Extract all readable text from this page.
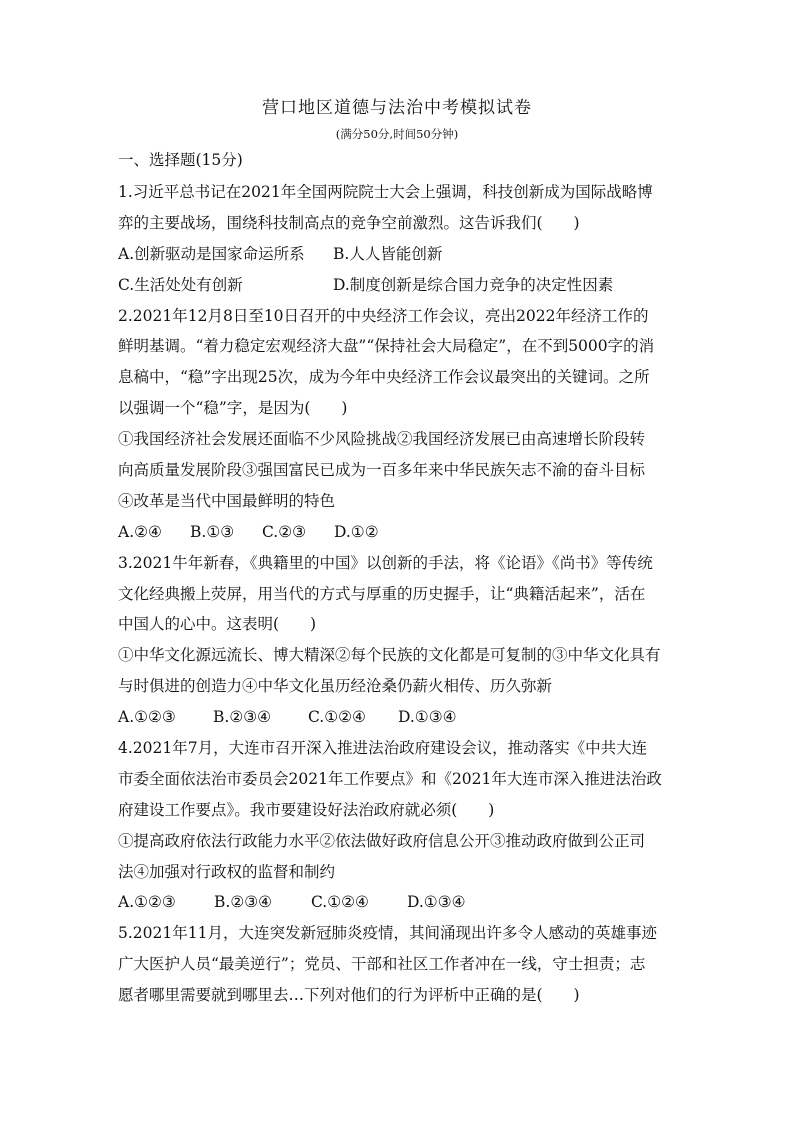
营口地区道德与法治中考模拟试卷
(满分50分,时间50分钟)
一、选择题(15分)
1.习近平总书记在2021年全国两院院士大会上强调，科技创新成为国际战略博
弈的主要战场，围绕科技制高点的竞争空前激烈。这告诉我们(　　)
A.创新驱动是国家命运所系	B.人人皆能创新
C.生活处处有创新	D.制度创新是综合国力竞争的决定性因素
2.2021年12月8日至10日召开的中央经济工作会议，亮出2022年经济工作的
鲜明基调。“着力稳定宏观经济大盘”“保持社会大局稳定”，在不到5000字的消
息稿中，“稳”字出现25次，成为今年中央经济工作会议最突出的关键词。之所
以强调一个“稳”字，是因为(　　)
①我国经济社会发展还面临不少风险挑战②我国经济发展已由高速增长阶段转
向高质量发展阶段③强国富民已成为一百多年来中华民族矢志不渝的奋斗目标
④改革是当代中国最鲜明的特色
A.②④	B.①③	C.②③	D.①②
3.2021牛年新春，《典籍里的中国》以创新的手法，将《论语》《尚书》等传统
文化经典搬上荧屏，用当代的方式与厚重的历史握手，让“典籍活起来”，活在
中国人的心中。这表明(　　)
①中华文化源远流长、博大精深②每个民族的文化都是可复制的③中华文化具有
与时俱进的创造力④中华文化虽历经沧桑仍薪火相传、历久弥新
A.①②③	B.②③④	C.①②④	D.①③④
4.2021年7月，大连市召开深入推进法治政府建设会议，推动落实《中共大连
市委全面依法治市委员会2021年工作要点》和《2021年大连市深入推进法治政
府建设工作要点》。我市要建设好法治政府就必须(　　)
①提高政府依法行政能力水平②依法做好政府信息公开③推动政府做到公正司
法④加强对行政权的监督和制约
A.①②③	B.②③④	C.①②④	D.①③④
5.2021年11月，大连突发新冠肺炎疫情，其间涌现出许多令人感动的英雄事迹
广大医护人员“最美逆行”；党员、干部和社区工作者冲在一线，守士担责；志
愿者哪里需要就到哪里去…下列对他们的行为评析中正确的是(　　)
